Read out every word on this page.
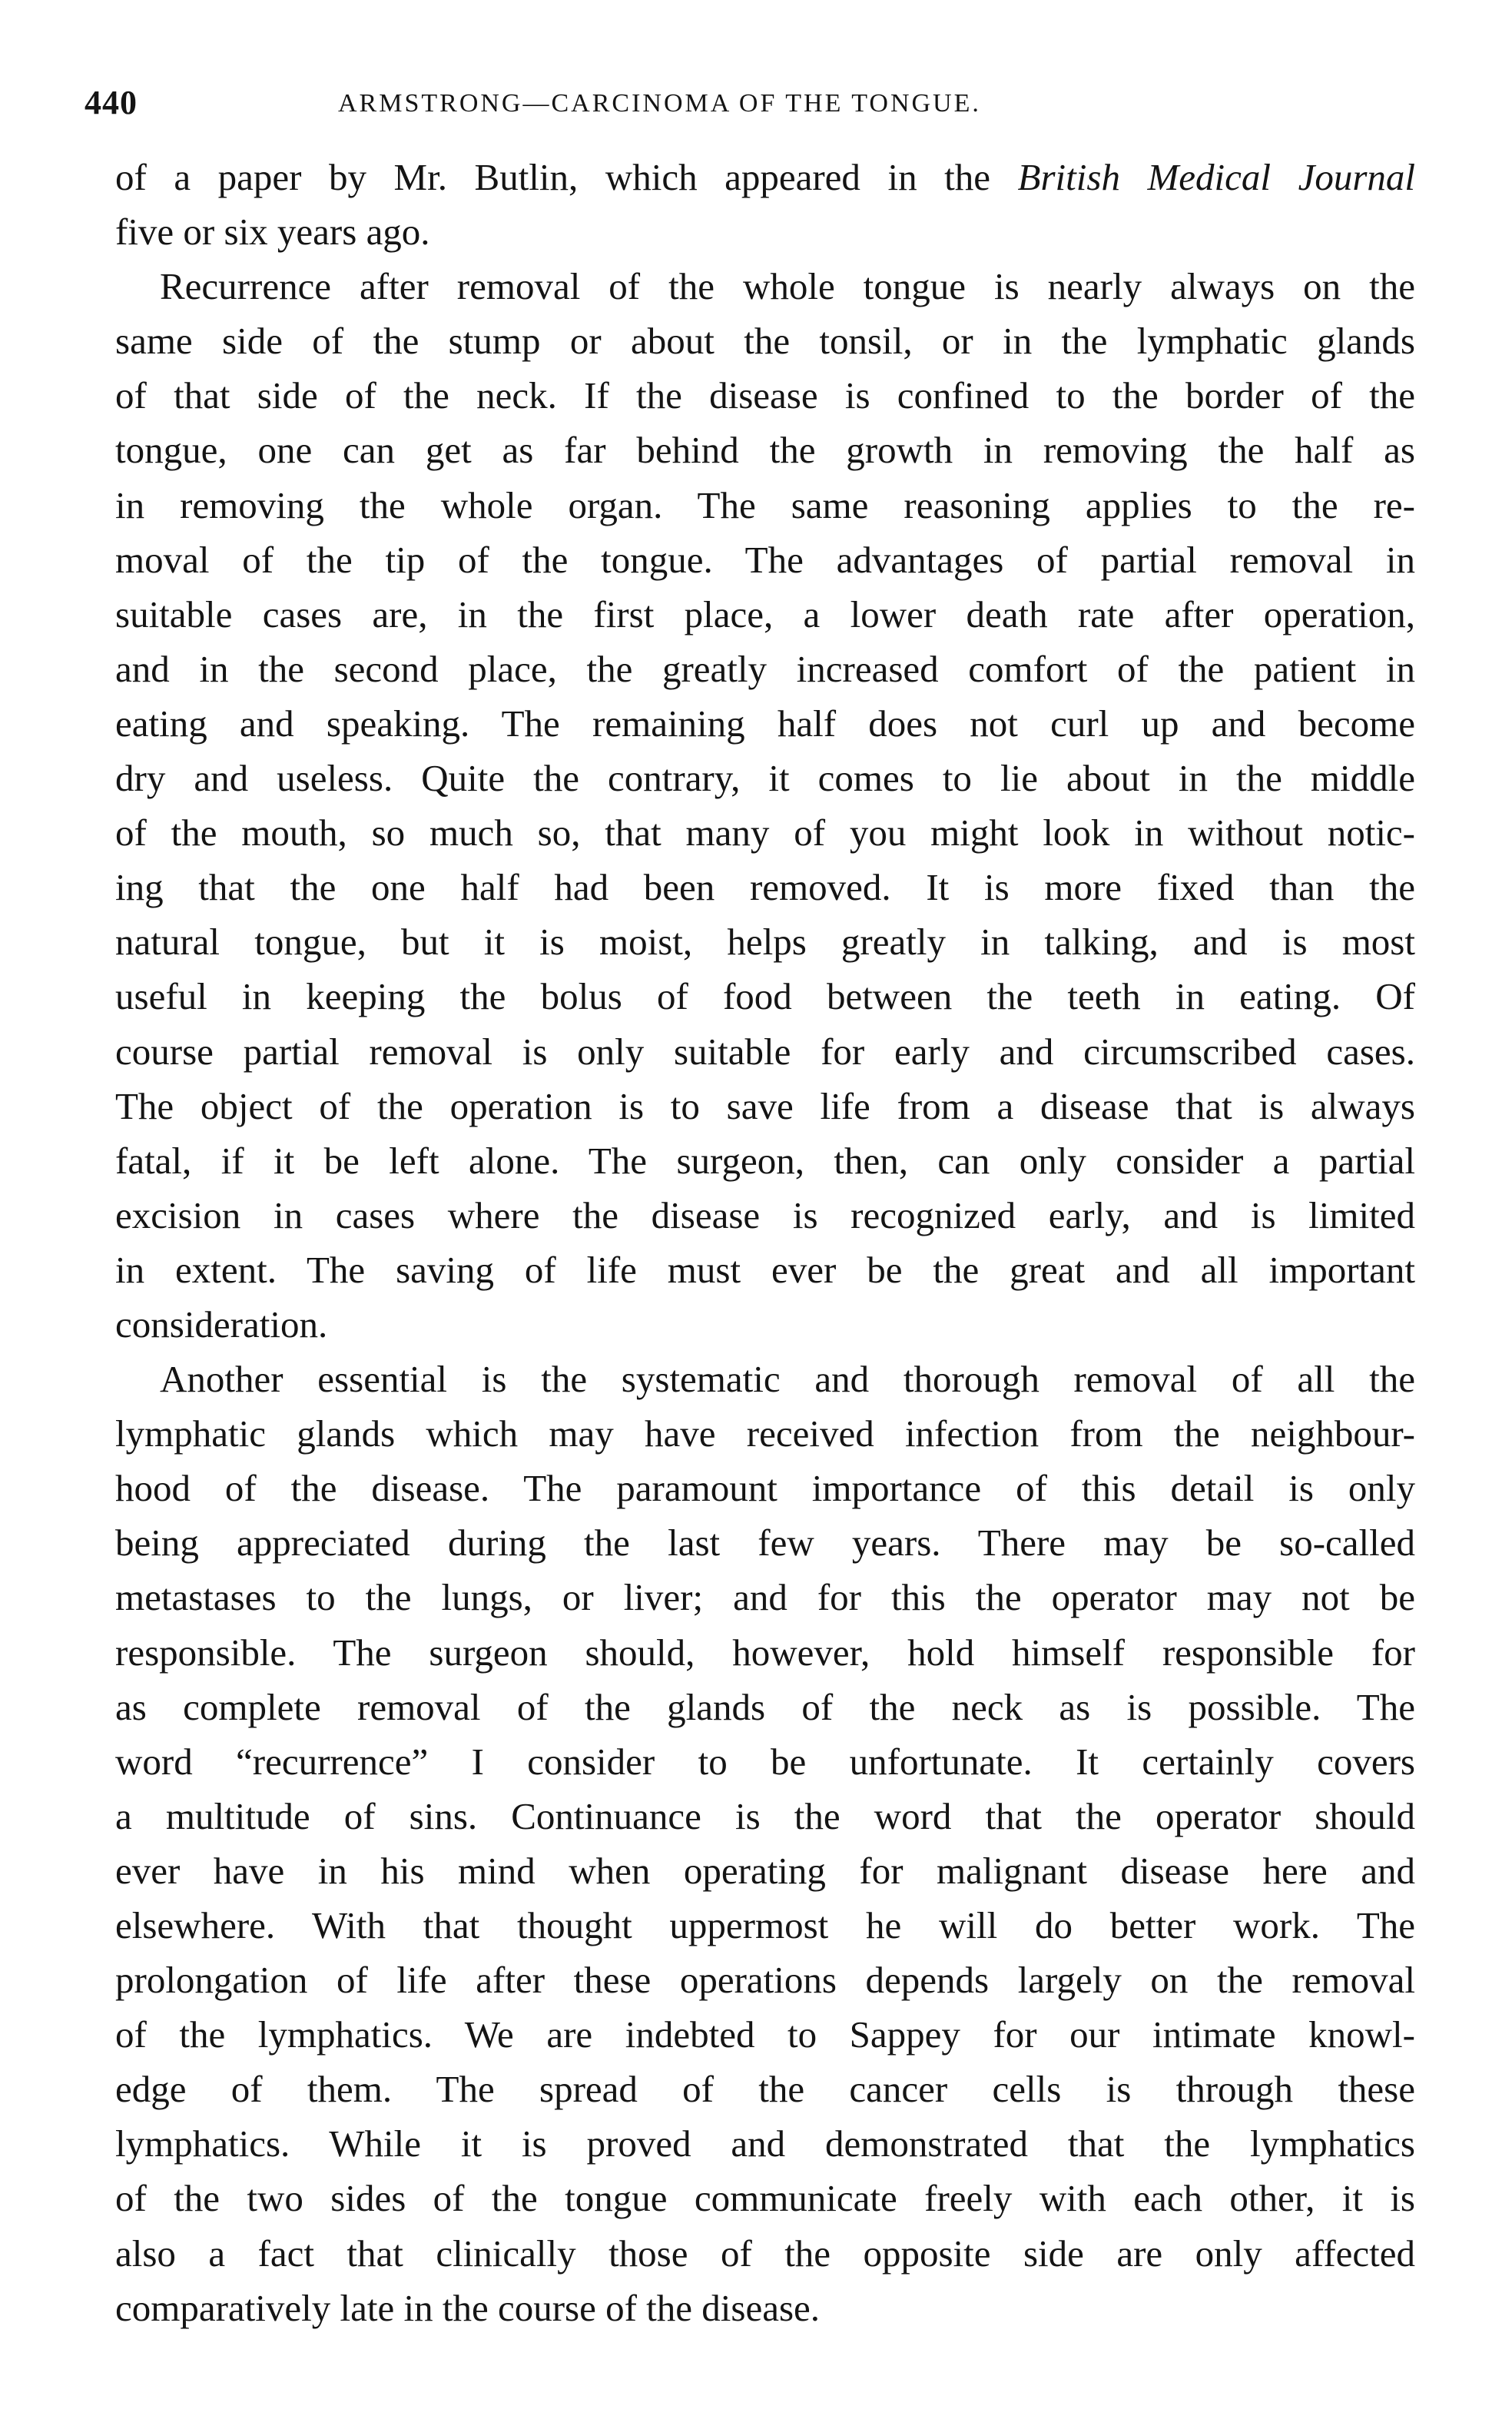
440	ARMSTRONG—CARCINOMA OF THE TONGUE.
of a paper by Mr. Butlin, which appeared in the British Medical Journal
five or six years ago.
Recurrence after removal of the whole tongue is nearly always on the
same side of the stump or about the tonsil, or in the lymphatic glands
of that side of the neck. If the disease is confined to the border of the
tongue, one can get as far behind the growth in removing the half as
in removing the whole organ. The same reasoning applies to the re-
moval of the tip of the tongue. The advantages of partial removal in
suitable cases are, in the first place, a lower death rate after operation,
and in the second place, the greatly increased comfort of the patient in
eating and speaking. The remaining half does not curl up and become
dry and useless. Quite the contrary, it comes to lie about in the middle
of the mouth, so much so, that many of you might look in without notic-
ing that the one half had been removed. It is more fixed than the
natural tongue, but it is moist, helps greatly in talking, and is most
useful in keeping the bolus of food between the teeth in eating. Of
course partial removal is only suitable for early and circumscribed cases.
The object of the operation is to save life from a disease that is always
fatal, if it be left alone. The surgeon, then, can only consider a partial
excision in cases where the disease is recognized early, and is limited
in extent. The saving of life must ever be the great and all important
consideration.
Another essential is the systematic and thorough removal of all the
lymphatic glands which may have received infection from the neighbour-
hood of the disease. The paramount importance of this detail is only
being appreciated during the last few years. There may be so-called
metastases to the lungs, or liver; and for this the operator may not be
responsible. The surgeon should, however, hold himself responsible for
as complete removal of the glands of the neck as is possible. The
word “recurrence” I consider to be unfortunate. It certainly covers
a multitude of sins. Continuance is the word that the operator should
ever have in his mind when operating for malignant disease here and
elsewhere. With that thought uppermost he will do better work. The
prolongation of life after these operations depends largely on the removal
of the lymphatics. We are indebted to Sappey for our intimate knowl-
edge of them. The spread of the cancer cells is through these
lymphatics. While it is proved and demonstrated that the lymphatics
of the two sides of the tongue communicate freely with each other, it is
also a fact that clinically those of the opposite side are only affected
comparatively late in the course of the disease.
